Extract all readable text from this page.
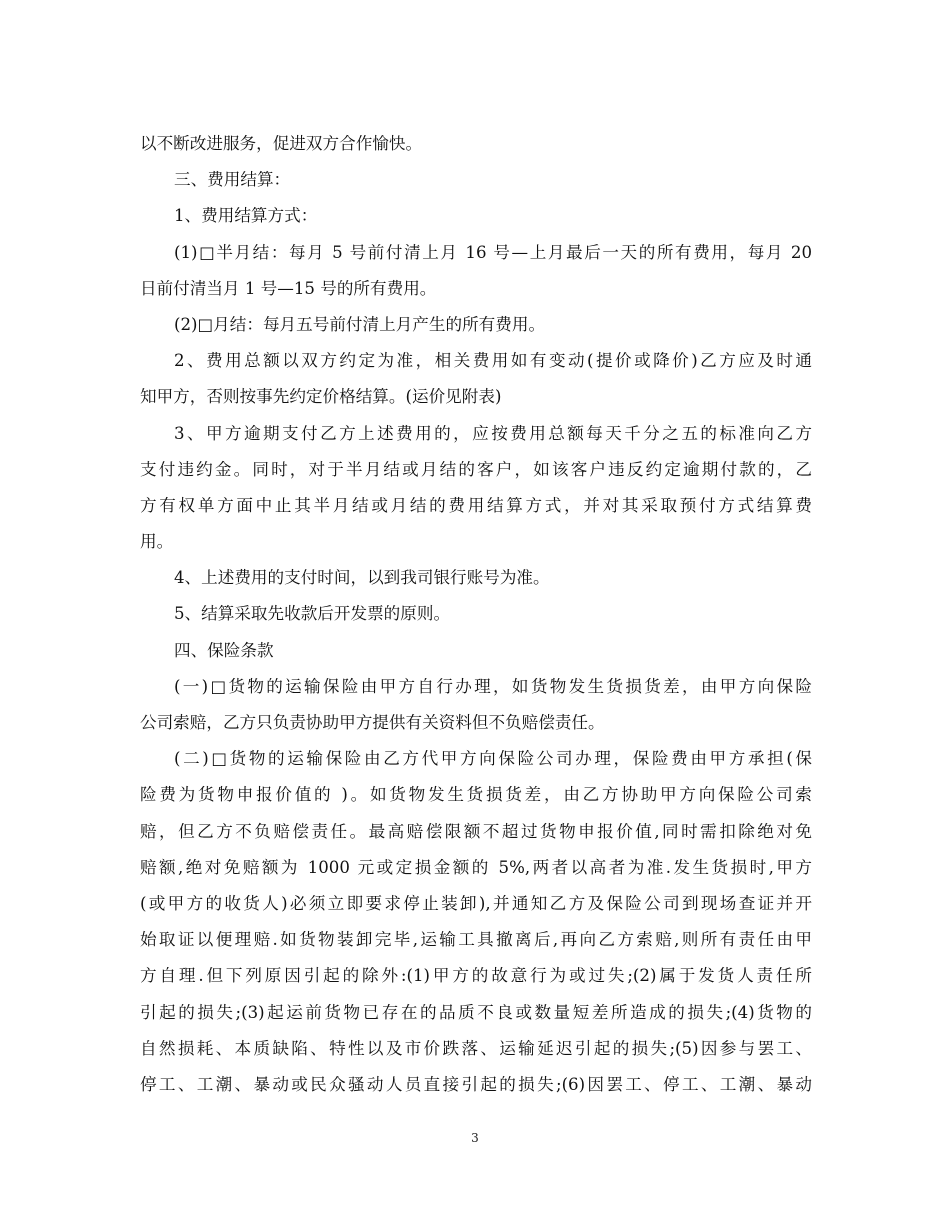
以不断改进服务，促进双方合作愉快。
三、费用结算：
1、费用结算方式：
(1)□半月结：每月 5 号前付清上月 16 号—上月最后一天的所有费用，每月 20
日前付清当月 1 号—15 号的所有费用。
(2)□月结：每月五号前付清上月产生的所有费用。
2、费用总额以双方约定为准，相关费用如有变动(提价或降价)乙方应及时通
知甲方，否则按事先约定价格结算。(运价见附表)
3、甲方逾期支付乙方上述费用的，应按费用总额每天千分之五的标准向乙方
支付违约金。同时，对于半月结或月结的客户，如该客户违反约定逾期付款的，乙
方有权单方面中止其半月结或月结的费用结算方式，并对其采取预付方式结算费
用。
4、上述费用的支付时间，以到我司银行账号为准。
5、结算采取先收款后开发票的原则。
四、保险条款
(一)□货物的运输保险由甲方自行办理，如货物发生货损货差，由甲方向保险
公司索赔，乙方只负责协助甲方提供有关资料但不负赔偿责任。
(二)□货物的运输保险由乙方代甲方向保险公司办理，保险费由甲方承担(保
险费为货物申报价值的 )。如货物发生货损货差，由乙方协助甲方向保险公司索
赔，但乙方不负赔偿责任。最高赔偿限额不超过货物申报价值,同时需扣除绝对免
赔额,绝对免赔额为 1000 元或定损金额的 5%,两者以高者为准.发生货损时,甲方
(或甲方的收货人)必须立即要求停止装卸),并通知乙方及保险公司到现场查证并开
始取证以便理赔.如货物装卸完毕,运输工具撤离后,再向乙方索赔,则所有责任由甲
方自理.但下列原因引起的除外:(1)甲方的故意行为或过失;(2)属于发货人责任所
引起的损失;(3)起运前货物已存在的品质不良或数量短差所造成的损失;(4)货物的
自然损耗、本质缺陷、特性以及市价跌落、运输延迟引起的损失;(5)因参与罢工、
停工、工潮、暴动或民众骚动人员直接引起的损失;(6)因罢工、停工、工潮、暴动
3
